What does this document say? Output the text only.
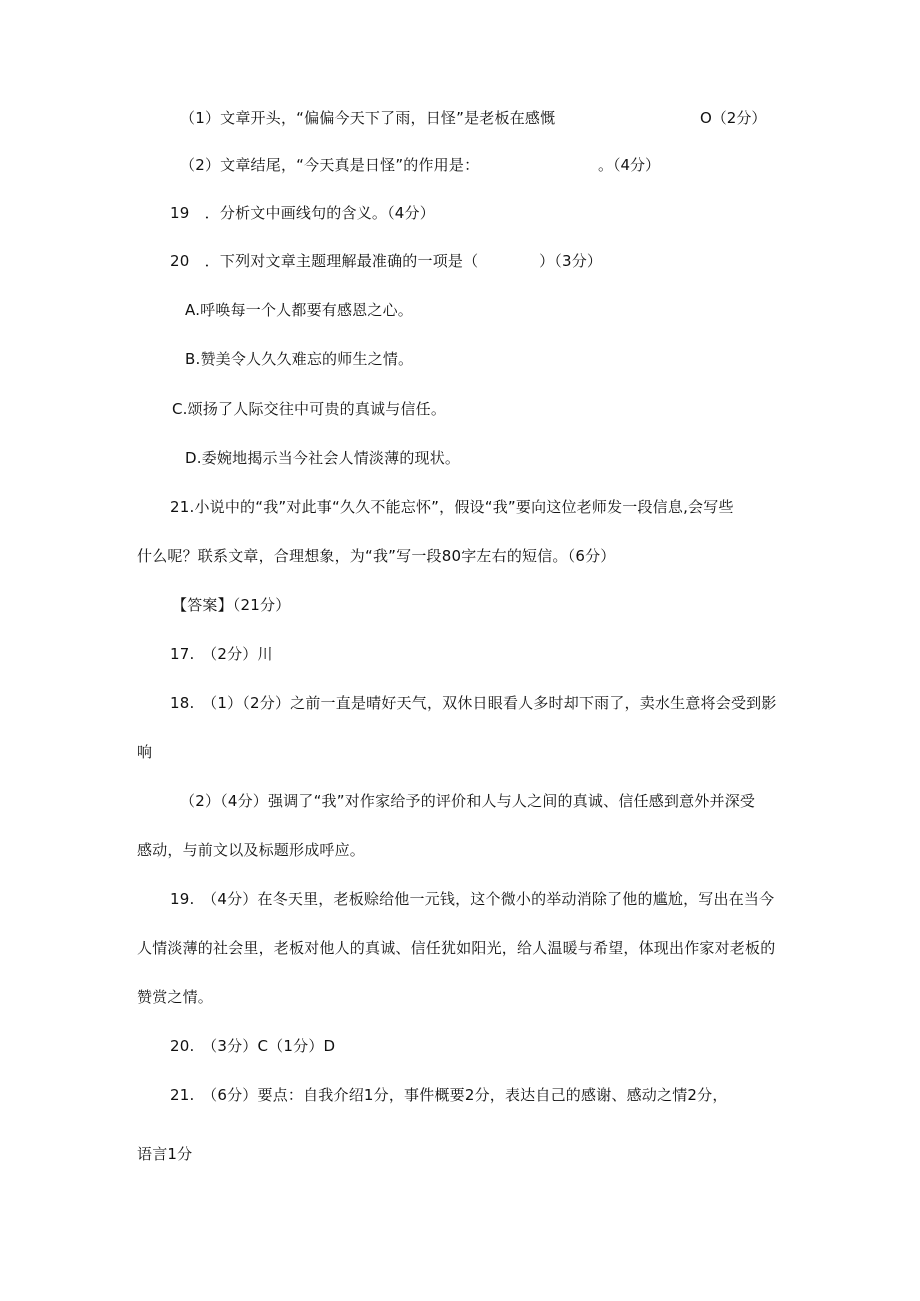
（1）文章开头，“偏偏今天下了雨，日怪”是老板在感慨	O（2分）
（2）文章结尾，“今天真是日怪”的作用是：	。（4分）
19　．分析文中画线句的含义。（4分）
20　．下列对文章主题理解最准确的一项是（　　　　）（3分）
A.呼唤每一个人都要有感恩之心。
B.赞美令人久久难忘的师生之情。
C.颂扬了人际交往中可贵的真诚与信任。
D.委婉地揭示当今社会人情淡薄的现状。
21.小说中的“我”对此事“久久不能忘怀”，假设“我”要向这位老师发一段信息,会写些
什么呢？联系文章，合理想象，为“我”写一段80字左右的短信。（6分）
【答案】（21分）
17.　（2分）川
18.　（1）（2分）之前一直是晴好天气，双休日眼看人多时却下雨了，卖水生意将会受到影
响
（2）（4分）强调了“我”对作家给予的评价和人与人之间的真诚、信任感到意外并深受
感动，与前文以及标题形成呼应。
19.　（4分）在冬天里，老板赊给他一元钱，这个微小的举动消除了他的尴尬，写出在当今
人情淡薄的社会里，老板对他人的真诚、信任犹如阳光，给人温暖与希望，体现出作家对老板的
赞赏之情。
20.　（3分）C（1分）D
21.　（6分）要点：自我介绍1分，事件概要2分，表达自己的感谢、感动之情2分，
语言1分
